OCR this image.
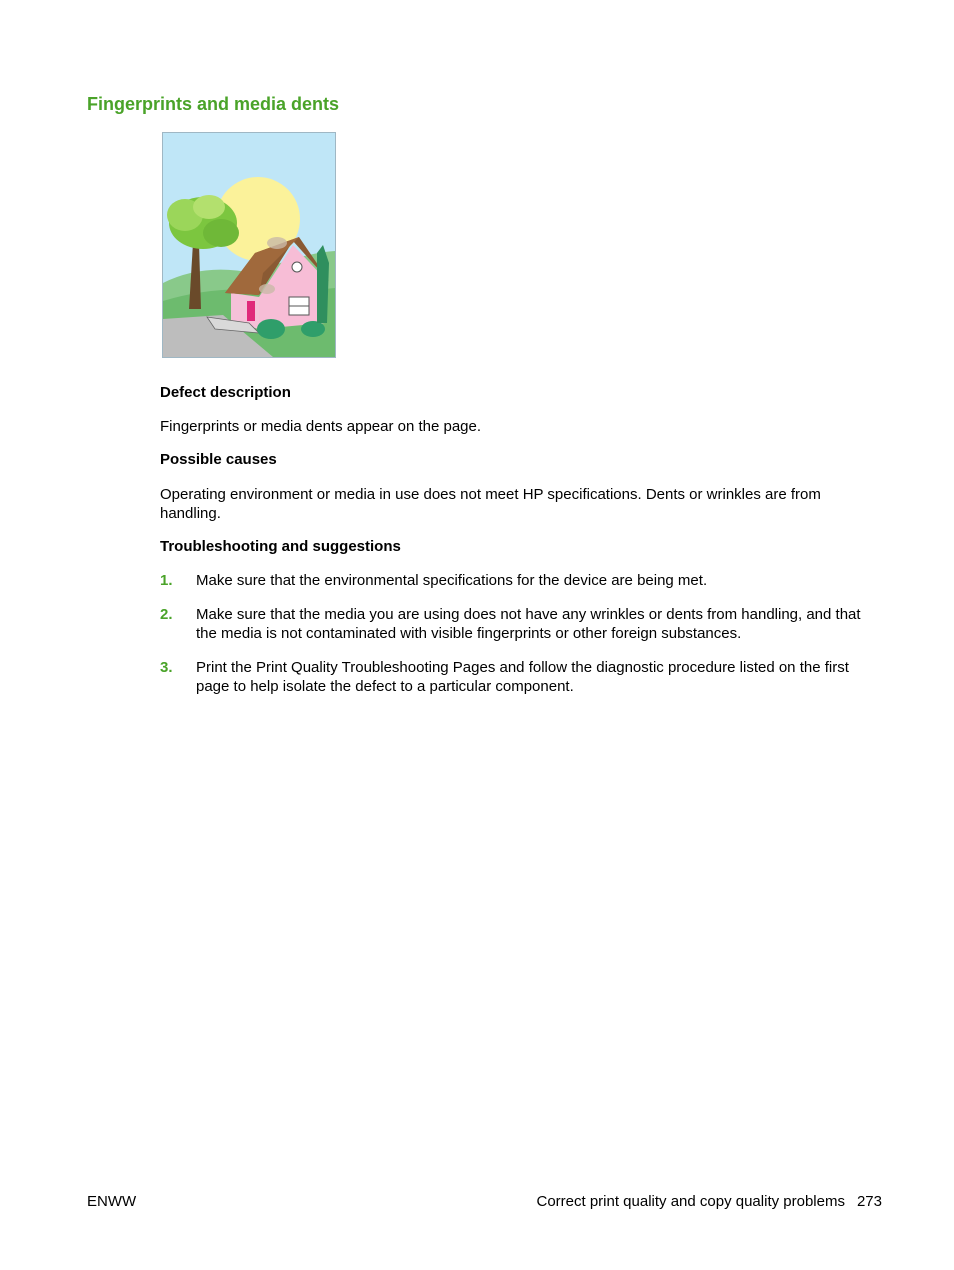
Fingerprints and media dents
Defect description

Fingerprints or media dents appear on the page.

Possible causes

Operating environment or media in use does not meet HP specifications. Dents or wrinkles are from handling.

Troubleshooting and suggestions
1. Make sure that the environmental specifications for the device are being met.
2. Make sure that the media you are using does not have any wrinkles or dents from handling, and that the media is not contaminated with visible fingerprints or other foreign substances.
3. Print the Print Quality Troubleshooting Pages and follow the diagnostic procedure listed on the first page to help isolate the defect to a particular component.
ENWW	Correct print quality and copy quality problems 273
